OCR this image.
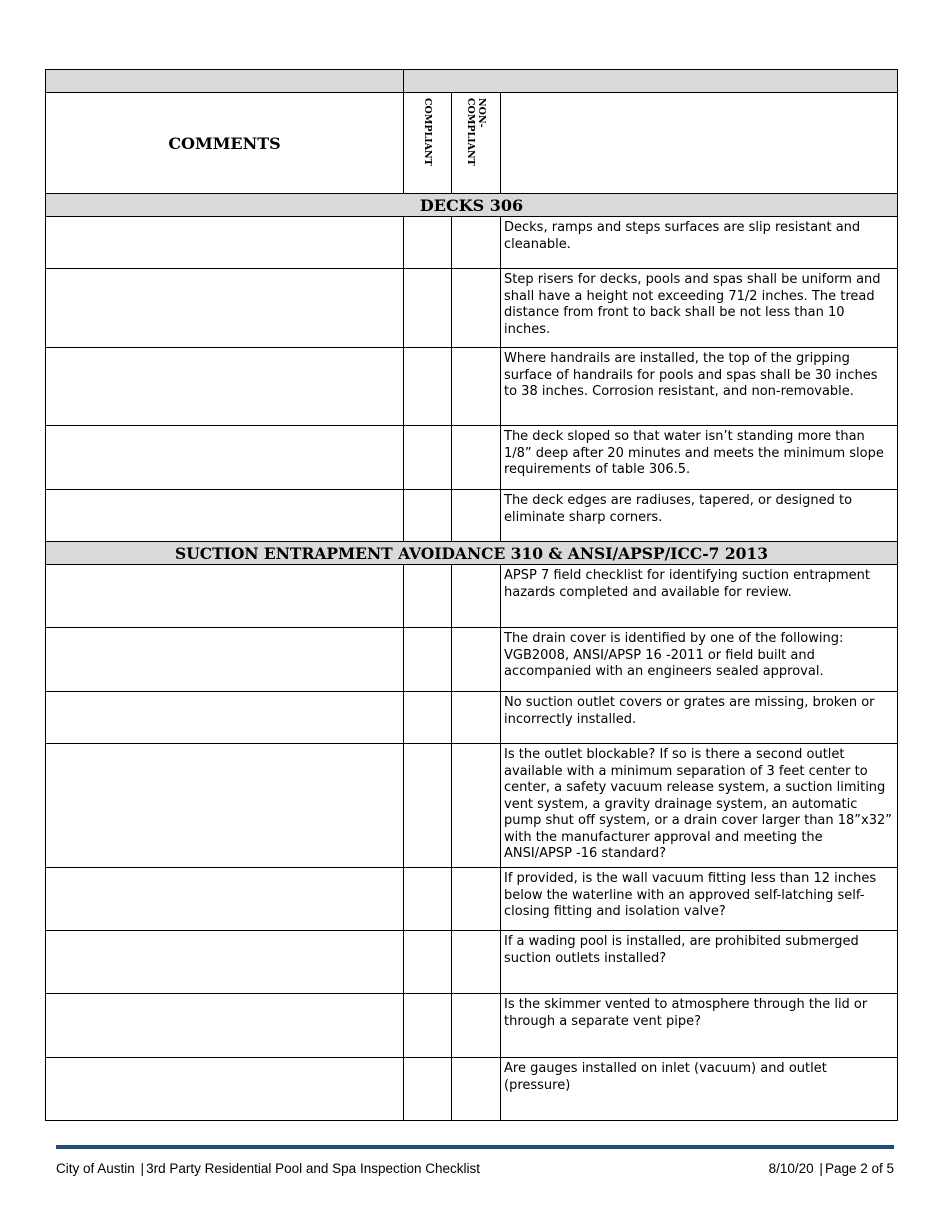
COMMENTS	COMPLIANT	NON-
COMPLIANT	

DECKS 306			
			Decks, ramps and steps surfaces are slip resistant and cleanable.
			Step risers for decks, pools and spas shall be uniform and shall have a height not exceeding 71/2 inches. The tread distance from front to back shall be not less than 10 inches.
			Where handrails are installed, the top of the gripping surface of handrails for pools and spas shall be 30 inches to 38 inches. Corrosion resistant, and non-removable.
			The deck sloped so that water isn’t standing more than 1/8” deep after 20 minutes and meets the minimum slope requirements of table 306.5.
			The deck edges are radiuses, tapered, or designed to eliminate sharp corners.
SUCTION ENTRAPMENT AVOIDANCE 310 & ANSI/APSP/ICC-7 2013			
			APSP 7 field checklist for identifying suction entrapment hazards completed and available for review.
			The drain cover is identified by one of the following: VGB2008, ANSI/APSP 16 -2011 or field built and accompanied with an engineers sealed approval.
			No suction outlet covers or grates are missing, broken or incorrectly installed.
			Is the outlet blockable? If so is there a second outlet available with a minimum separation of 3 feet center to center, a safety vacuum release system, a suction limiting vent system, a gravity drainage system, an automatic pump shut off system, or a drain cover larger than 18”x32” with the manufacturer approval and meeting the ANSI/APSP -16 standard?
			If provided, is the wall vacuum fitting less than 12 inches below the waterline with an approved self-latching self-closing fitting and isolation valve?
			If a wading pool is installed, are prohibited submerged suction outlets installed?
			Is the skimmer vented to atmosphere through the lid or through a separate vent pipe?
			Are gauges installed on inlet (vacuum) and outlet (pressure)
City of Austin | 3rd Party Residential Pool and Spa Inspection Checklist	8/10/20 | Page 2 of 5
